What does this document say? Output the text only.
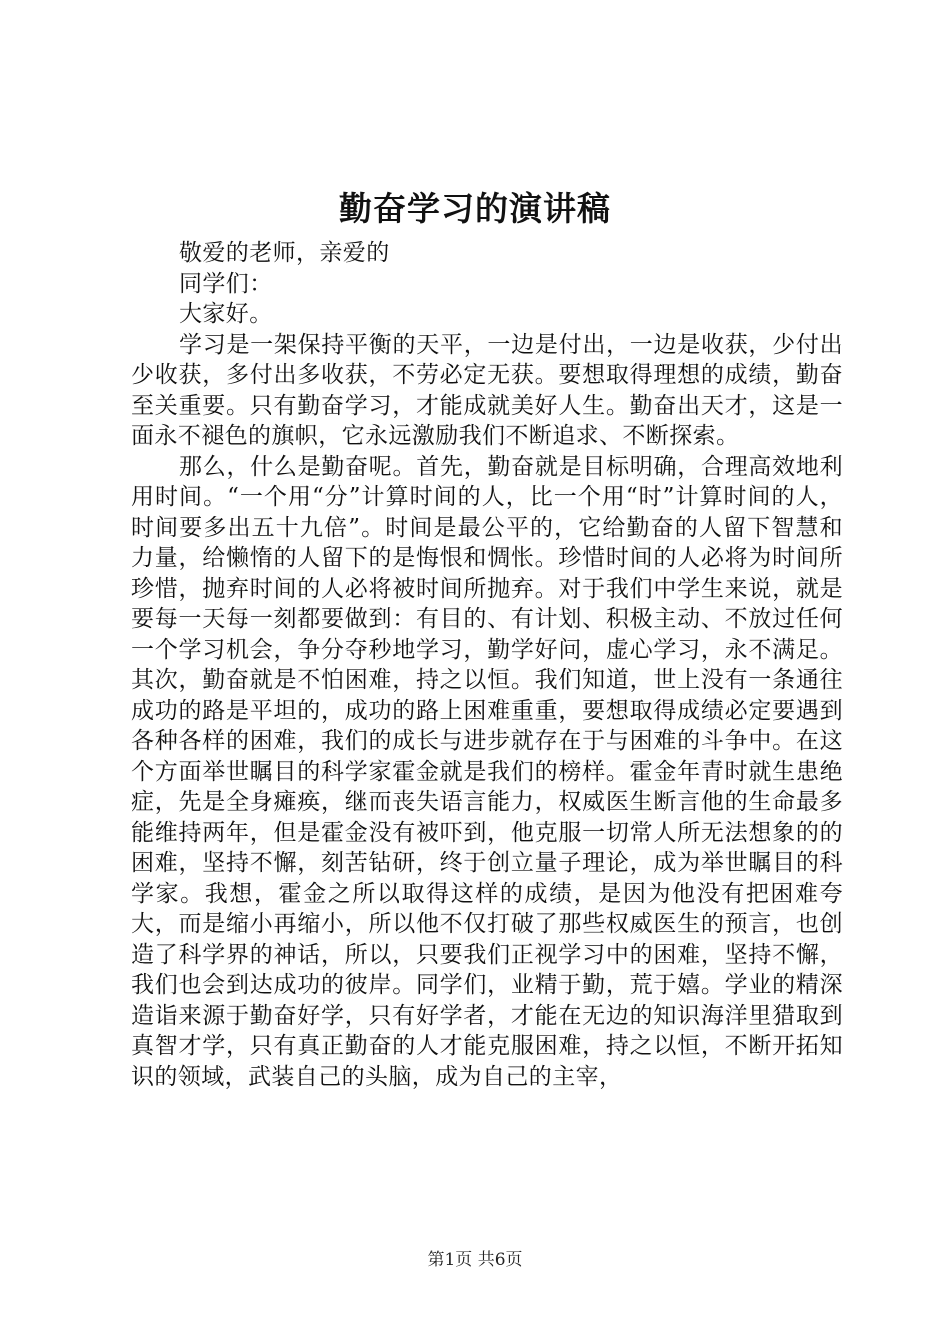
勤奋学习的演讲稿

敬爱的老师，亲爱的

同学们：

大家好。

学习是一架保持平衡的天平，一边是付出，一边是收获，少付出少收获，多付出多收获，不劳必定无获。要想取得理想的成绩，勤奋至关重要。只有勤奋学习，才能成就美好人生。勤奋出天才，这是一面永不褪色的旗帜，它永远激励我们不断追求、不断探索。

那么，什么是勤奋呢。首先，勤奋就是目标明确，合理高效地利用时间。“一个用“分”计算时间的人，比一个用“时”计算时间的人，时间要多出五十九倍”。时间是最公平的，它给勤奋的人留下智慧和力量，给懒惰的人留下的是悔恨和惆怅。珍惜时间的人必将为时间所珍惜，抛弃时间的人必将被时间所抛弃。对于我们中学生来说，就是要每一天每一刻都要做到：有目的、有计划、积极主动、不放过任何一个学习机会，争分夺秒地学习，勤学好问，虚心学习，永不满足。其次，勤奋就是不怕困难，持之以恒。我们知道，世上没有一条通往成功的路是平坦的，成功的路上困难重重，要想取得成绩必定要遇到各种各样的困难，我们的成长与进步就存在于与困难的斗争中。在这个方面举世瞩目的科学家霍金就是我们的榜样。霍金年青时就生患绝症，先是全身瘫痪，继而丧失语言能力，权威医生断言他的生命最多能维持两年，但是霍金没有被吓到，他克服一切常人所无法想象的的困难，坚持不懈，刻苦钻研，终于创立量子理论，成为举世瞩目的科学家。我想，霍金之所以取得这样的成绩，是因为他没有把困难夸大，而是缩小再缩小，所以他不仅打破了那些权威医生的预言，也创造了科学界的神话，所以，只要我们正视学习中的困难，坚持不懈，我们也会到达成功的彼岸。同学们，业精于勤，荒于嬉。学业的精深造诣来源于勤奋好学，只有好学者，才能在无边的知识海洋里猎取到真智才学，只有真正勤奋的人才能克服困难，持之以恒，不断开拓知识的领域，武装自己的头脑，成为自己的主宰，

第1页 共6页
